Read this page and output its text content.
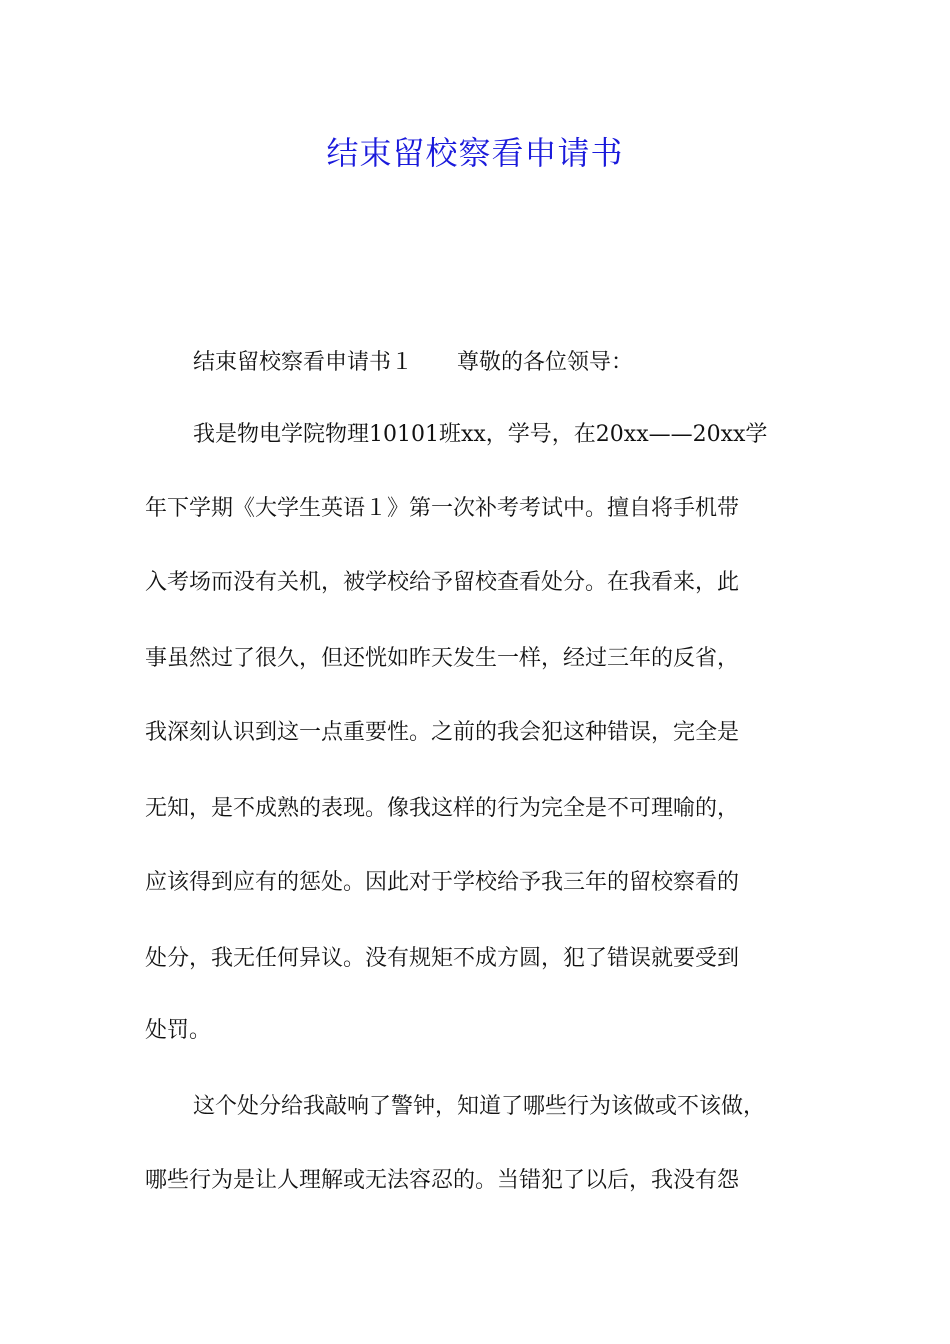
结束留校察看申请书
结束留校察看申请书１　　尊敬的各位领导：
我是物电学院物理10101班xx，学号，在20xx——20xx学
年下学期《大学生英语１》第一次补考考试中。擅自将手机带
入考场而没有关机，被学校给予留校查看处分。在我看来，此
事虽然过了很久，但还恍如昨天发生一样，经过三年的反省，
我深刻认识到这一点重要性。之前的我会犯这种错误，完全是
无知，是不成熟的表现。像我这样的行为完全是不可理喻的，
应该得到应有的惩处。因此对于学校给予我三年的留校察看的
处分，我无任何异议。没有规矩不成方圆，犯了错误就要受到
处罚。
这个处分给我敲响了警钟，知道了哪些行为该做或不该做，
哪些行为是让人理解或无法容忍的。当错犯了以后，我没有怨
